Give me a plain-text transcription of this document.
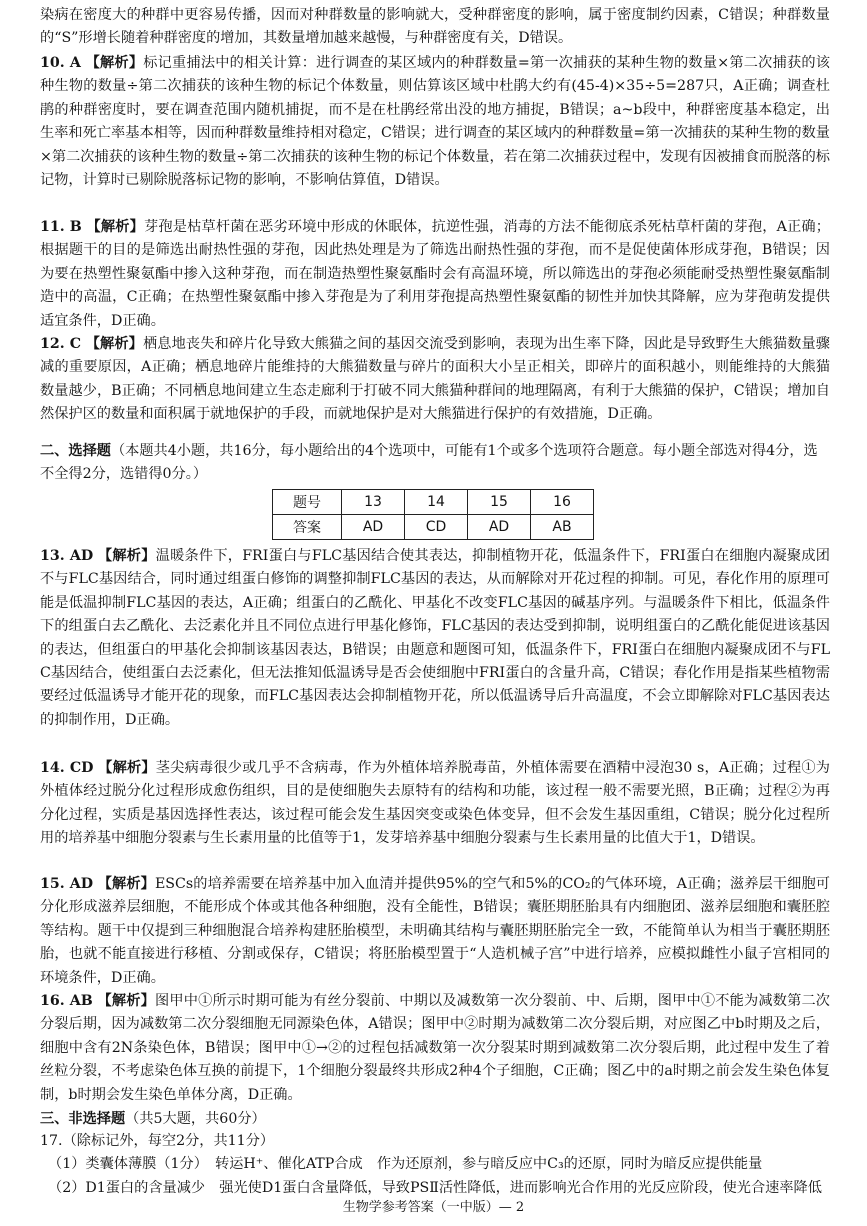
染病在密度大的种群中更容易传播，因而对种群数量的影响就大，受种群密度的影响，属于密度制约因素，C错误；种群数量的“S”形增长随着种群密度的增加，其数量增加越来越慢，与种群密度有关，D错误。
10. A 【解析】标记重捕法中的相关计算：进行调查的某区域内的种群数量=第一次捕获的某种生物的数量×第二次捕获的该种生物的数量÷第二次捕获的该种生物的标记个体数量，则估算该区域中杜鹃大约有(45-4)×35÷5=287只，A正确；调查杜鹃的种群密度时，要在调查范围内随机捕捉，而不是在杜鹃经常出没的地方捕捉，B错误；a~b段中，种群密度基本稳定，出生率和死亡率基本相等，因而种群数量维持相对稳定，C错误；进行调查的某区域内的种群数量=第一次捕获的某种生物的数量×第二次捕获的该种生物的数量÷第二次捕获的该种生物的标记个体数量，若在第二次捕获过程中，发现有因被捕食而脱落的标记物，计算时已剔除脱落标记物的影响，不影响估算值，D错误。
11. B 【解析】芽孢是枯草杆菌在恶劣环境中形成的休眠体，抗逆性强，消毒的方法不能彻底杀死枯草杆菌的芽孢，A正确；根据题干的目的是筛选出耐热性强的芽孢，因此热处理是为了筛选出耐热性强的芽孢，而不是促使菌体形成芽孢，B错误；因为要在热塑性聚氨酯中掺入这种芽孢，而在制造热塑性聚氨酯时会有高温环境，所以筛选出的芽孢必须能耐受热塑性聚氨酯制造中的高温，C正确；在热塑性聚氨酯中掺入芽孢是为了利用芽孢提高热塑性聚氨酯的韧性并加快其降解，应为芽孢萌发提供适宜条件，D正确。
12. C 【解析】栖息地丧失和碎片化导致大熊猫之间的基因交流受到影响，表现为出生率下降，因此是导致野生大熊猫数量骤减的重要原因，A正确；栖息地碎片能维持的大熊猫数量与碎片的面积大小呈正相关，即碎片的面积越小，则能维持的大熊猫数量越少，B正确；不同栖息地间建立生态走廊利于打破不同大熊猫种群间的地理隔离，有利于大熊猫的保护，C错误；增加自然保护区的数量和面积属于就地保护的手段，而就地保护是对大熊猫进行保护的有效措施，D正确。
二、选择题（本题共4小题，共16分，每小题给出的4个选项中，可能有1个或多个选项符合题意。每小题全部选对得4分，选不全得2分，选错得0分。）
题号	13	14	15	16
答案	AD	CD	AD	AB
13. AD 【解析】温暖条件下，FRI蛋白与FLC基因结合使其表达，抑制植物开花，低温条件下，FRI蛋白在细胞内凝聚成团不与FLC基因结合，同时通过组蛋白修饰的调整抑制FLC基因的表达，从而解除对开花过程的抑制。可见，春化作用的原理可能是低温抑制FLC基因的表达，A正确；组蛋白的乙酰化、甲基化不改变FLC基因的碱基序列。与温暖条件下相比，低温条件下的组蛋白去乙酰化、去泛素化并且不同位点进行甲基化修饰，FLC基因的表达受到抑制，说明组蛋白的乙酰化能促进该基因的表达，但组蛋白的甲基化会抑制该基因表达，B错误；由题意和题图可知，低温条件下，FRI蛋白在细胞内凝聚成团不与FLC基因结合，使组蛋白去泛素化，但无法推知低温诱导是否会使细胞中FRI蛋白的含量升高，C错误；春化作用是指某些植物需要经过低温诱导才能开花的现象，而FLC基因表达会抑制植物开花，所以低温诱导后升高温度，不会立即解除对FLC基因表达的抑制作用，D正确。
14. CD 【解析】茎尖病毒很少或几乎不含病毒，作为外植体培养脱毒苗，外植体需要在酒精中浸泡30 s，A正确；过程①为外植体经过脱分化过程形成愈伤组织，目的是使细胞失去原特有的结构和功能，该过程一般不需要光照，B正确；过程②为再分化过程，实质是基因选择性表达，该过程可能会发生基因突变或染色体变异，但不会发生基因重组，C错误；脱分化过程所用的培养基中细胞分裂素与生长素用量的比值等于1，发芽培养基中细胞分裂素与生长素用量的比值大于1，D错误。
15. AD 【解析】ESCs的培养需要在培养基中加入血清并提供95%的空气和5%的CO₂的气体环境，A正确；滋养层干细胞可分化形成滋养层细胞，不能形成个体或其他各种细胞，没有全能性，B错误；囊胚期胚胎具有内细胞团、滋养层细胞和囊胚腔等结构。题干中仅提到三种细胞混合培养构建胚胎模型，未明确其结构与囊胚期胚胎完全一致，不能简单认为相当于囊胚期胚胎，也就不能直接进行移植、分割或保存，C错误；将胚胎模型置于“人造机械子宫”中进行培养，应模拟雌性小鼠子宫相同的环境条件，D正确。
16. AB 【解析】图甲中①所示时期可能为有丝分裂前、中期以及减数第一次分裂前、中、后期，图甲中①不能为减数第二次分裂后期，因为减数第二次分裂细胞无同源染色体，A错误；图甲中②时期为减数第二次分裂后期，对应图乙中b时期及之后，细胞中含有2N条染色体，B错误；图甲中①→②的过程包括减数第一次分裂某时期到减数第二次分裂后期，此过程中发生了着丝粒分裂，不考虑染色体互换的前提下，1个细胞分裂最终共形成2种4个子细胞，C正确；图乙中的a时期之前会发生染色体复制，b时期会发生染色单体分离，D正确。
三、非选择题（共5大题，共60分）
17.（除标记外，每空2分，共11分）
（1）类囊体薄膜（1分）　转运H⁺、催化ATP合成　作为还原剂，参与暗反应中C₃的还原，同时为暗反应提供能量
（2）D1蛋白的含量减少　强光使D1蛋白含量降低，导致PSⅡ活性降低，进而影响光合作用的光反应阶段，使光合速率降低
生物学参考答案（一中版）— 2
